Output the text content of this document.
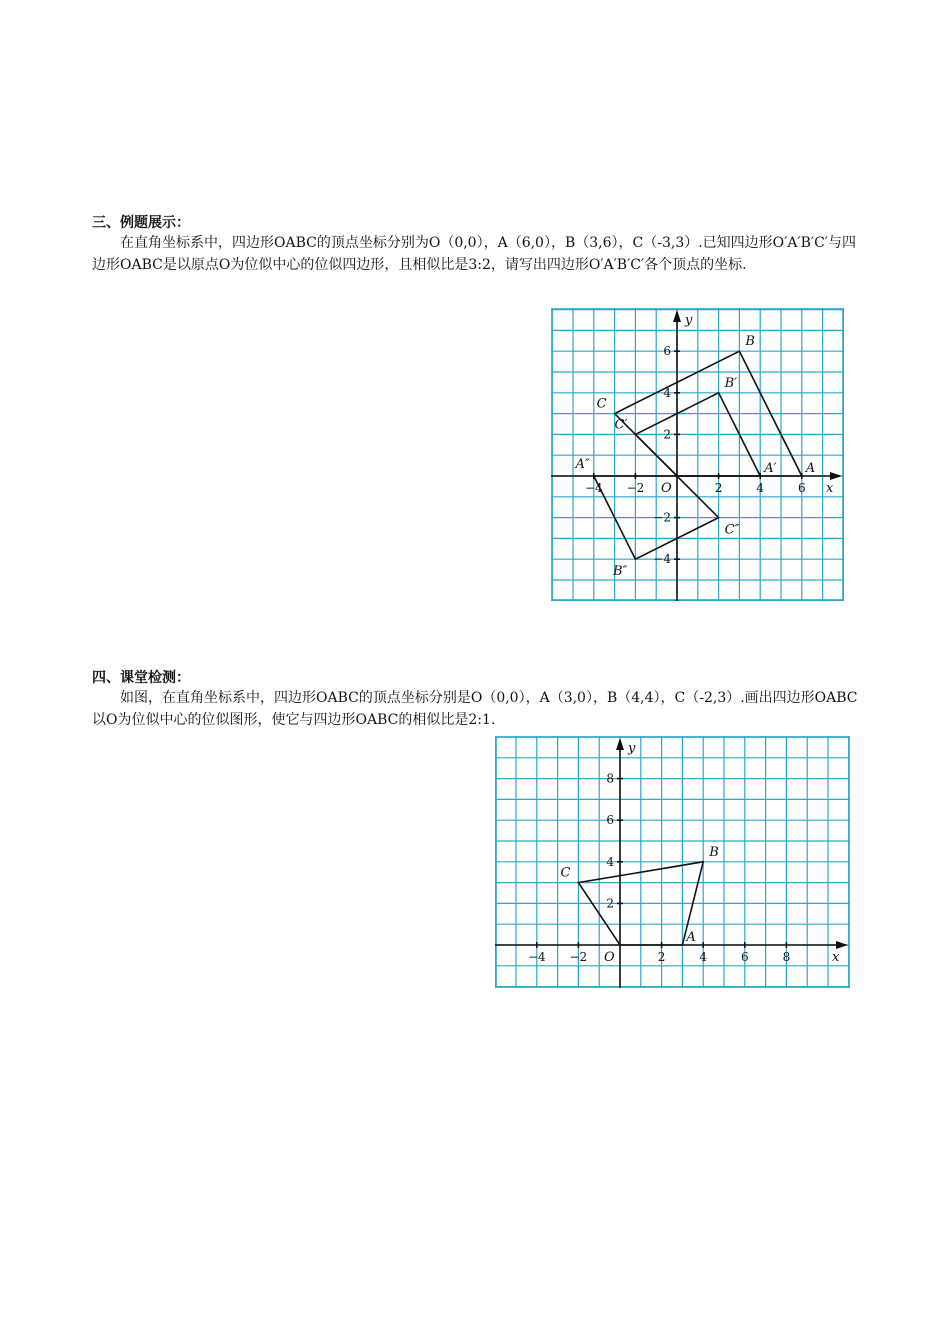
三、例题展示：

在直角坐标系中，四边形OABC的顶点坐标分别为O（0,0），A（6,0），B（3,6），C（-3,3）.已知四边形O′A′B′C′与四边形OABC是以原点O为位似中心的位似四边形，且相似比是3:2，请写出四边形O′A′B′C′各个顶点的坐标.

x
y
O
−4 −2	2	4	6
6
4
2
−2
−4
A
B
C
A′
B′
C′
A″
B″
C″
四、课堂检测：

如图，在直角坐标系中，四边形OABC的顶点坐标分别是O（0,0），A（3,0），B（4,4），C（-2,3）.画出四边形OABC以O为位似中心的位似图形，使它与四边形OABC的相似比是2:1.

x
y
O
−4 −2	2	4	6	8
8
6
4
2
A
B
C
